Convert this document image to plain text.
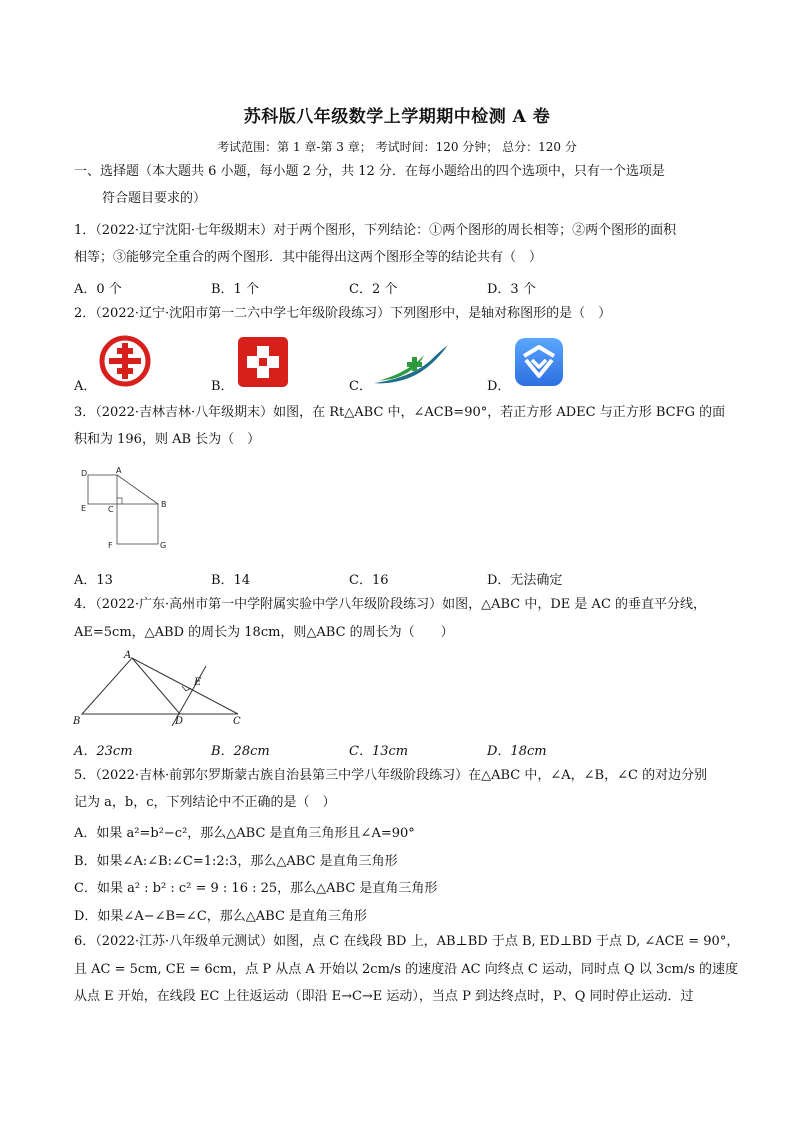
苏科版八年级数学上学期期中检测 A 卷
考试范围：第 1 章-第 3 章； 考试时间：120 分钟； 总分：120 分
一、选择题（本大题共 6 小题，每小题 2 分，共 12 分．在每小题给出的四个选项中，只有一个选项是
符合题目要求的）
1．（2022·辽宁沈阳·七年级期末）对于两个图形，下列结论：①两个图形的周长相等；②两个图形的面积
相等；③能够完全重合的两个图形．其中能得出这两个图形全等的结论共有（　）
A．0 个	B．1 个	C．2 个	D．3 个
2．（2022·辽宁·沈阳市第一二六中学七年级阶段练习）下列图形中，是轴对称图形的是（　）
A．	B．	C．	D．
3．（2022·吉林吉林·八年级期末）如图，在 Rt△ABC 中，∠ACB=90°，若正方形 ADEC 与正方形 BCFG 的面
积和为 196，则 AB 长为（　）
D	A
E	C
B
F	G
A．13	B．14	C．16	D．无法确定
4．（2022·广东·高州市第一中学附属实验中学八年级阶段练习）如图，△ABC 中，DE 是 AC 的垂直平分线，
AE=5cm，△ABD 的周长为 18cm，则△ABC 的周长为（　　）
A
E
B	D	C
A．23cm	B．28cm	C．13cm	D．18cm
5．（2022·吉林·前郭尔罗斯蒙古族自治县第三中学八年级阶段练习）在△ABC 中，∠A，∠B，∠C 的对边分别
记为 a，b，c，下列结论中不正确的是（　）
A．如果 a²=b²−c²，那么△ABC 是直角三角形且∠A=90°
B．如果∠A:∠B:∠C=1:2:3，那么△ABC 是直角三角形
C．如果 a² : b² : c² = 9 : 16 : 25，那么△ABC 是直角三角形
D．如果∠A−∠B=∠C，那么△ABC 是直角三角形
6．（2022·江苏·八年级单元测试）如图，点 C 在线段 BD 上，AB⊥BD 于点 B, ED⊥BD 于点 D, ∠ACE = 90°，
且 AC = 5cm, CE = 6cm，点 P 从点 A 开始以 2cm/s 的速度沿 AC 向终点 C 运动，同时点 Q 以 3cm/s 的速度
从点 E 开始，在线段 EC 上往返运动（即沿 E→C→E 运动），当点 P 到达终点时，P、Q 同时停止运动．过
